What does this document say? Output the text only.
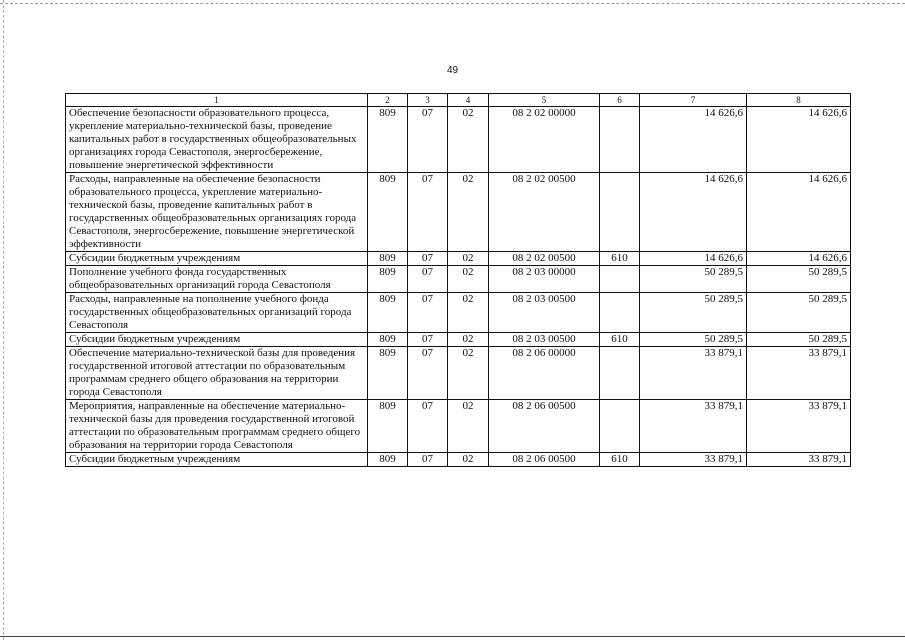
49
1	2	3	4	5	6	7	8
Обеспечение безопасности образовательного процесса, укрепление материально-технической базы, проведение капитальных работ в государственных общеобразовательных организациях города Севастополя, энергосбережение, повышение энергетической эффективности	809	07	02	08 2 02 00000		14 626,6	14 626,6
Расходы, направленные на обеспечение безопасности образовательного процесса, укрепление материально-технической базы, проведение капитальных работ в государственных общеобразовательных организациях города Севастополя, энергосбережение, повышение энергетической эффективности	809	07	02	08 2 02 00500		14 626,6	14 626,6
Субсидии бюджетным учреждениям	809	07	02	08 2 02 00500	610	14 626,6	14 626,6
Пополнение учебного фонда государственных общеобразовательных организаций города Севастополя	809	07	02	08 2 03 00000		50 289,5	50 289,5
Расходы, направленные на пополнение учебного фонда государственных общеобразовательных организаций города Севастополя	809	07	02	08 2 03 00500		50 289,5	50 289,5
Субсидии бюджетным учреждениям	809	07	02	08 2 03 00500	610	50 289,5	50 289,5
Обеспечение материально-технической базы для проведения государственной итоговой аттестации по образовательным программам среднего общего образования на территории города Севастополя	809	07	02	08 2 06 00000		33 879,1	33 879,1
Мероприятия, направленные на обеспечение материально-технической базы для проведения государственной итоговой аттестации по образовательным программам среднего общего образования на территории города Севастополя	809	07	02	08 2 06 00500		33 879,1	33 879,1
Субсидии бюджетным учреждениям	809	07	02	08 2 06 00500	610	33 879,1	33 879,1
